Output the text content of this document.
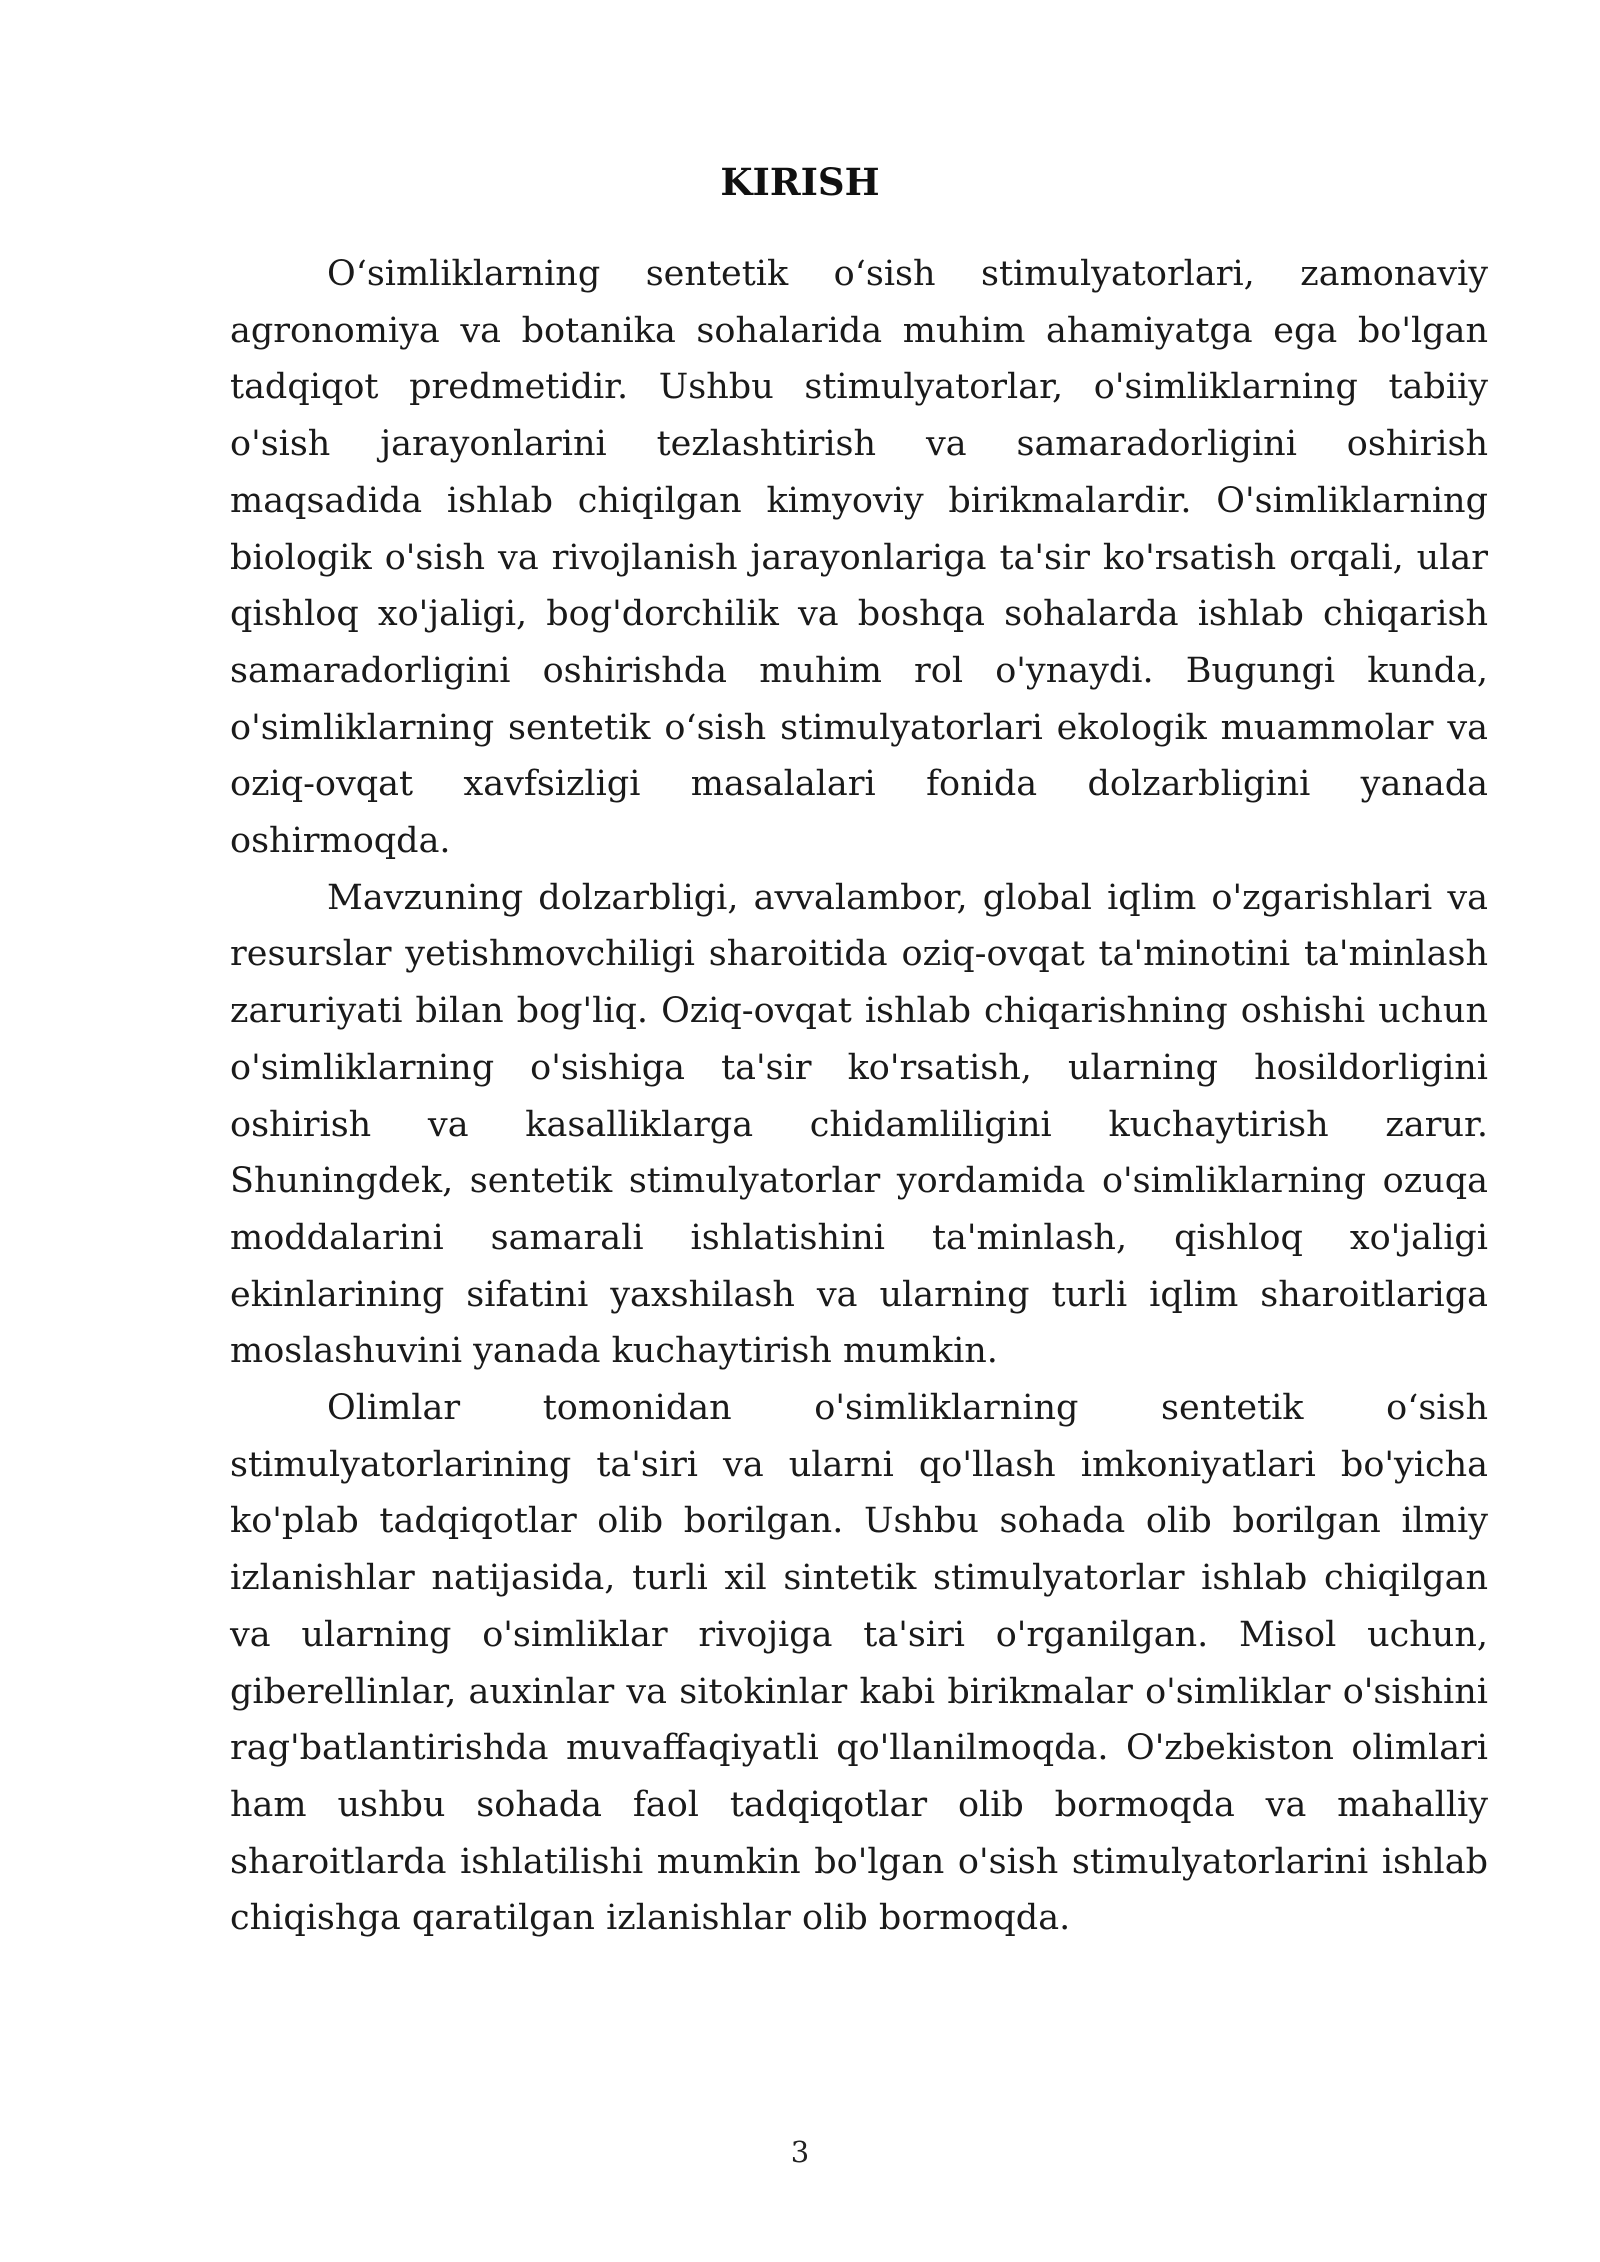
KIRISH

O‘simliklarning sentetik o‘sish stimulyatorlari, zamonaviy agronomiya va botanika sohalarida muhim ahamiyatga ega bo'lgan tadqiqot predmetidir. Ushbu stimulyatorlar, o'simliklarning tabiiy o'sish jarayonlarini tezlashtirish va samaradorligini oshirish maqsadida ishlab chiqilgan kimyoviy birikmalardir. O'simliklarning biologik o'sish va rivojlanish jarayonlariga ta'sir ko'rsatish orqali, ular qishloq xo'jaligi, bog'dorchilik va boshqa sohalarda ishlab chiqarish samaradorligini oshirishda muhim rol o'ynaydi. Bugungi kunda, o'simliklarning sentetik o‘sish stimulyatorlari ekologik muammolar va oziq-ovqat xavfsizligi masalalari fonida dolzarbligini yanada oshirmoqda.

Mavzuning dolzarbligi, avvalambor, global iqlim o'zgarishlari va resurslar yetishmovchiligi sharoitida oziq-ovqat ta'minotini ta'minlash zaruriyati bilan bog'liq. Oziq-ovqat ishlab chiqarishning oshishi uchun o'simliklarning o'sishiga ta'sir ko'rsatish, ularning hosildorligini oshirish va kasalliklarga chidamliligini kuchaytirish zarur. Shuningdek, sentetik stimulyatorlar yordamida o'simliklarning ozuqa moddalarini samarali ishlatishini ta'minlash, qishloq xo'jaligi ekinlarining sifatini yaxshilash va ularning turli iqlim sharoitlariga moslashuvini yanada kuchaytirish mumkin.

Olimlar tomonidan o'simliklarning sentetik o‘sish stimulyatorlarining ta'siri va ularni qo'llash imkoniyatlari bo'yicha ko'plab tadqiqotlar olib borilgan. Ushbu sohada olib borilgan ilmiy izlanishlar natijasida, turli xil sintetik stimulyatorlar ishlab chiqilgan va ularning o'simliklar rivojiga ta'siri o'rganilgan. Misol uchun, giberellinlar, auxinlar va sitokinlar kabi birikmalar o'simliklar o'sishini rag'batlantirishda muvaffaqiyatli qo'llanilmoqda. O'zbekiston olimlari ham ushbu sohada faol tadqiqotlar olib bormoqda va mahalliy sharoitlarda ishlatilishi mumkin bo'lgan o'sish stimulyatorlarini ishlab chiqishga qaratilgan izlanishlar olib bormoqda.

3
